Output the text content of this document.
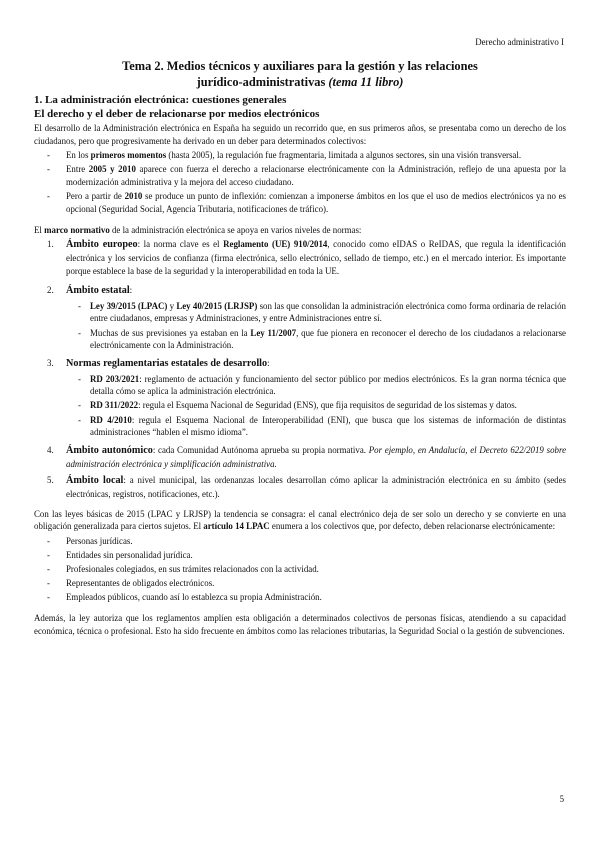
Derecho administrativo I
Tema 2. Medios técnicos y auxiliares para la gestión y las relaciones
jurídico-administrativas (tema 11 libro)
1. La administración electrónica: cuestiones generales
El derecho y el deber de relacionarse por medios electrónicos

El desarrollo de la Administración electrónica en España ha seguido un recorrido que, en sus primeros años, se presentaba como un derecho de los ciudadanos, pero que progresivamente ha derivado en un deber para determinados colectivos:

- En los primeros momentos (hasta 2005), la regulación fue fragmentaria, limitada a algunos sectores, sin una visión transversal.
- Entre 2005 y 2010 aparece con fuerza el derecho a relacionarse electrónicamente con la Administración, reflejo de una apuesta por la modernización administrativa y la mejora del acceso ciudadano.
- Pero a partir de 2010 se produce un punto de inflexión: comienzan a imponerse ámbitos en los que el uso de medios electrónicos ya no es opcional (Seguridad Social, Agencia Tributaria, notificaciones de tráfico).

El marco normativo de la administración electrónica se apoya en varios niveles de normas:

1. Ámbito europeo: la norma clave es el Reglamento (UE) 910/2014, conocido como eIDAS o ReIDAS, que regula la identificación electrónica y los servicios de confianza (firma electrónica, sello electrónico, sellado de tiempo, etc.) en el mercado interior. Es importante porque establece la base de la seguridad y la interoperabilidad en toda la UE.
2. Ámbito estatal:
- Ley 39/2015 (LPAC) y Ley 40/2015 (LRJSP) son las que consolidan la administración electrónica como forma ordinaria de relación entre ciudadanos, empresas y Administraciones, y entre Administraciones entre sí.
- Muchas de sus previsiones ya estaban en la Ley 11/2007, que fue pionera en reconocer el derecho de los ciudadanos a relacionarse electrónicamente con la Administración.
3. Normas reglamentarias estatales de desarrollo:
- RD 203/2021: reglamento de actuación y funcionamiento del sector público por medios electrónicos. Es la gran norma técnica que detalla cómo se aplica la administración electrónica.
- RD 311/2022: regula el Esquema Nacional de Seguridad (ENS), que fija requisitos de seguridad de los sistemas y datos.
- RD 4/2010: regula el Esquema Nacional de Interoperabilidad (ENI), que busca que los sistemas de información de distintas administraciones “hablen el mismo idioma”.
4. Ámbito autonómico: cada Comunidad Autónoma aprueba su propia normativa. Por ejemplo, en Andalucía, el Decreto 622/2019 sobre administración electrónica y simplificación administrativa.
5. Ámbito local: a nivel municipal, las ordenanzas locales desarrollan cómo aplicar la administración electrónica en su ámbito (sedes electrónicas, registros, notificaciones, etc.).

Con las leyes básicas de 2015 (LPAC y LRJSP) la tendencia se consagra: el canal electrónico deja de ser solo un derecho y se convierte en una obligación generalizada para ciertos sujetos. El artículo 14 LPAC enumera a los colectivos que, por defecto, deben relacionarse electrónicamente:

- Personas jurídicas.
- Entidades sin personalidad jurídica.
- Profesionales colegiados, en sus trámites relacionados con la actividad.
- Representantes de obligados electrónicos.
- Empleados públicos, cuando así lo establezca su propia Administración.

Además, la ley autoriza que los reglamentos amplíen esta obligación a determinados colectivos de personas físicas, atendiendo a su capacidad económica, técnica o profesional. Esto ha sido frecuente en ámbitos como las relaciones tributarias, la Seguridad Social o la gestión de subvenciones.

5
